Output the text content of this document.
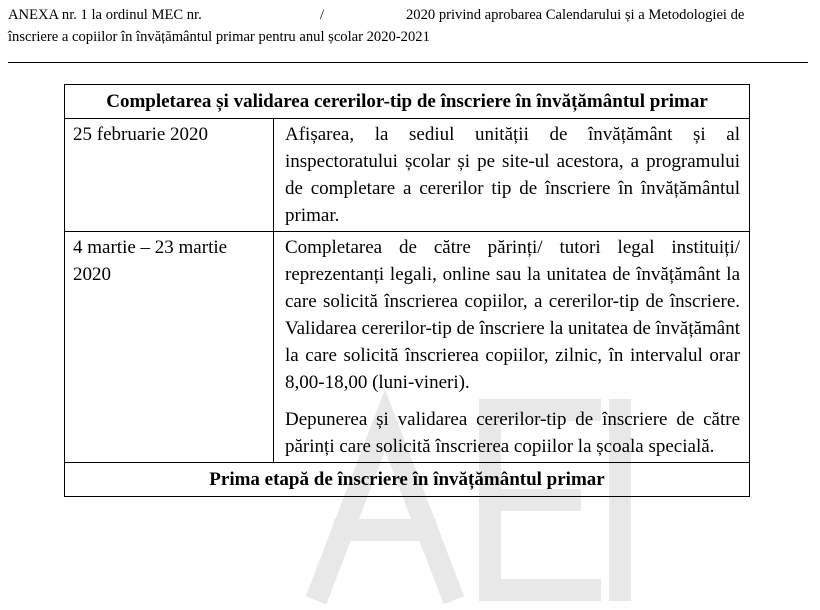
ANEXA nr. 1 la ordinul MEC nr.	/	2020 privind aprobarea Calendarului și a Metodologiei de
înscriere a copiilor în învățământul primar pentru anul școlar 2020-2021
Completarea și validarea cererilor-tip de înscriere în învățământul primar	
25 februarie 2020	Afișarea, la sediul unității de învățământ și al inspectoratului școlar și pe site-ul acestora, a programului de completare a cererilor tip de înscriere în învățământul primar.

4 martie – 23 martie 2020	Completarea de către părinți/ tutori legal instituiți/ reprezentanți legali, online sau la unitatea de învățământ la care solicită înscrierea copiilor, a cererilor-tip de înscriere. Validarea cererilor-tip de înscriere la unitatea de învățământ la care solicită înscrierea copiilor, zilnic, în intervalul orar 8,00-18,00 (luni-vineri).

Depunerea și validarea cererilor-tip de înscriere de către părinți care solicită înscrierea copiilor la școala specială.

Prima etapă de înscriere în învățământul primar	
